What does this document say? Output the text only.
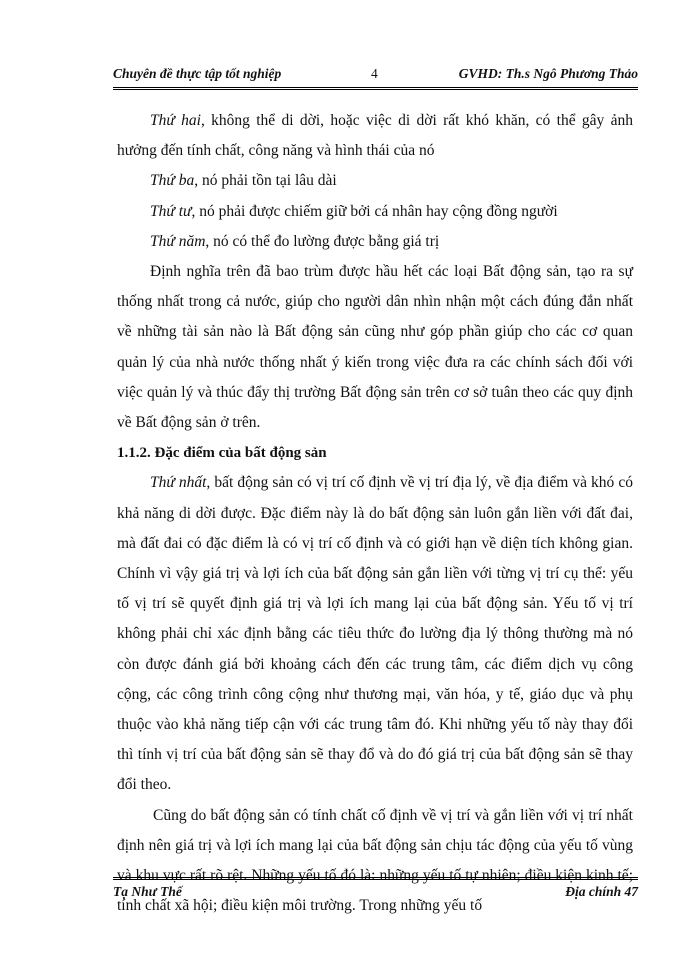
Chuyên đề thực tập tốt nghiệp	4	GVHD: Th.s Ngô Phương Thảo

Thứ hai, không thể di dời, hoặc việc di dời rất khó khăn, có thể gây ảnh hưởng đến tính chất, công năng và hình thái của nó

Thứ ba, nó phải tồn tại lâu dài

Thứ tư, nó phải được chiếm giữ bởi cá nhân hay cộng đồng người

Thứ năm, nó có thể đo lường được bằng giá trị

Định nghĩa trên đã bao trùm được hầu hết các loại Bất động sản, tạo ra sự thống nhất trong cả nước, giúp cho người dân nhìn nhận một cách đúng đắn nhất về những tài sản nào là Bất động sản cũng như góp phần giúp cho các cơ quan quản lý của nhà nước thống nhất ý kiến trong việc đưa ra các chính sách đối với việc quản lý và thúc đẩy thị trường Bất động sản trên cơ sở tuân theo các quy định về Bất động sản ở trên.

1.1.2. Đặc điểm của bất động sản

Thứ nhất, bất động sản có vị trí cố định về vị trí địa lý, về địa điểm và khó có khả năng di dời được. Đặc điểm này là do bất động sản luôn gắn liền với đất đai, mà đất đai có đặc điểm là có vị trí cố định và có giới hạn về diện tích không gian. Chính vì vậy giá trị và lợi ích của bất động sản gắn liền với từng vị trí cụ thể: yếu tố vị trí sẽ quyết định giá trị và lợi ích mang lại của bất động sản. Yếu tố vị trí không phải chỉ xác định bằng các tiêu thức đo lường địa lý thông thường mà nó còn được đánh giá bởi khoảng cách đến các trung tâm, các điểm dịch vụ công cộng, các công trình công cộng như thương mại, văn hóa, y tế, giáo dục và phụ thuộc vào khả năng tiếp cận với các trung tâm đó. Khi những yếu tố này thay đổi thì tính vị trí của bất động sản sẽ thay đổ và do đó giá trị của bất động sản sẽ thay đổi theo.

Cũng do bất động sản có tính chất cố định về vị trí và gắn liền với vị trí nhất định nên giá trị và lợi ích mang lại của bất động sản chịu tác động của yếu tố vùng và khu vực rất rõ rệt. Những yếu tố đó là: những yếu tố tự nhiên; điều kiện kinh tế; tính chất xã hội; điều kiện môi trường. Trong những yếu tố

Tạ Như Thế	Địa chính 47
